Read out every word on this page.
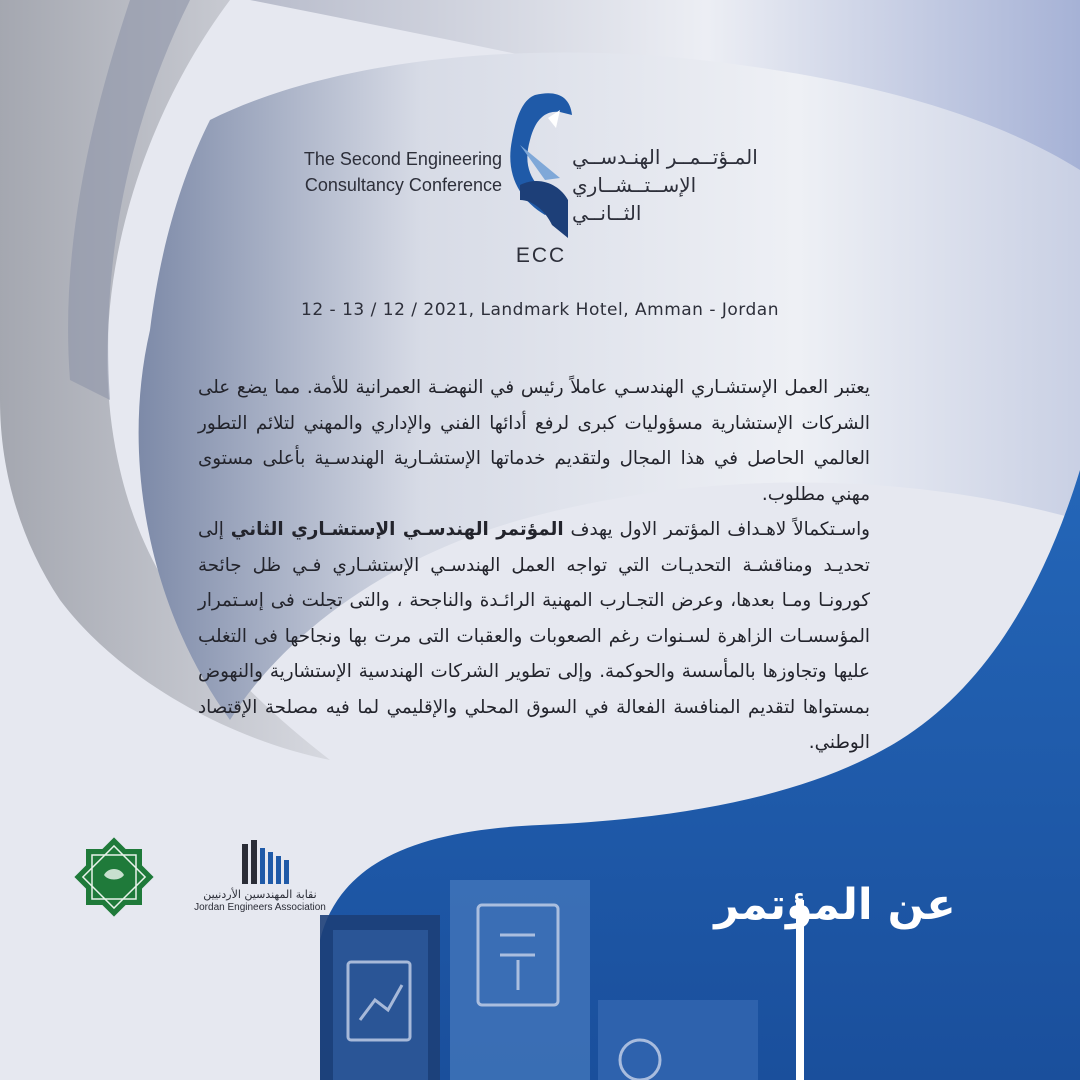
The Second Engineering
Consultancy Conference
المـؤتــمــر الهنـدســي
الإســتــشــاري الثــانــي
ECC
12 - 13 / 12 / 2021, Landmark Hotel, Amman - Jordan

يعتبر العمل الإستشـاري الهندسـي عاملاً رئيس في النهضـة العمرانية للأمة. مما يضع على الشركات الإستشارية مسؤوليات كبرى لرفع أدائها الفني والإداري والمهني لتلائم التطور العالمي الحاصل في هذا المجال ولتقديم خدماتها الإستشـارية الهندسـية بأعلى مستوى مهني مطلوب.

واسـتكمالاً لاهـداف المؤتمر الاول يهدف المؤتمر الهندسـي الإستشـاري الثاني إلى تحديـد ومناقشـة التحديـات التي تواجه العمل الهندسـي الإستشـاري فـي ظل جائحة كورونـا ومـا بعدها، وعرض التجـارب المهنية الرائـدة والناجحة ، والتى تجلت فى إسـتمرار المؤسسـات الزاهرة لسـنوات رغم الصعوبات والعقبات التى مرت بها ونجاحها فى التغلب عليها وتجاوزها بالمأسسة والحوكمة. وإلى تطوير الشركات الهندسية الإستشارية والنهوض بمستواها لتقديم المنافسة الفعالة في السوق المحلي والإقليمي لما فيه مصلحة الإقتصاد الوطني.

عن المؤتمر
نقابة المهندسين الأردنيين
Jordan Engineers Association
